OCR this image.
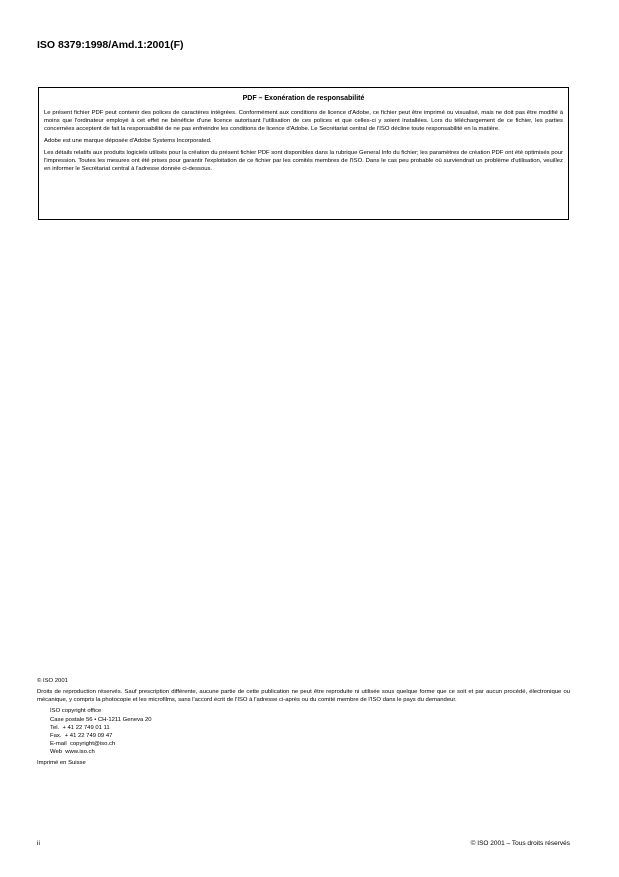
ISO 8379:1998/Amd.1:2001(F)

PDF – Exonération de responsabilité

Le présent fichier PDF peut contenir des polices de caractères intégrées. Conformément aux conditions de licence d'Adobe, ce fichier peut être imprimé ou visualisé, mais ne doit pas être modifié à moins que l'ordinateur employé à cet effet ne bénéficie d'une licence autorisant l'utilisation de ces polices et que celles-ci y soient installées. Lors du téléchargement de ce fichier, les parties concernées acceptent de fait la responsabilité de ne pas enfreindre les conditions de licence d'Adobe. Le Secrétariat central de l'ISO décline toute responsabilité en la matière.

Adobe est une marque déposée d'Adobe Systems Incorporated.

Les détails relatifs aux produits logiciels utilisés pour la création du présent fichier PDF sont disponibles dans la rubrique General Info du fichier; les paramètres de création PDF ont été optimisés pour l'impression. Toutes les mesures ont été prises pour garantir l'exploitation de ce fichier par les comités membres de l'ISO. Dans le cas peu probable où surviendrait un problème d'utilisation, veuillez en informer le Secrétariat central à l'adresse donnée ci-dessous.

© ISO 2001

Droits de reproduction réservés. Sauf prescription différente, aucune partie de cette publication ne peut être reproduite ni utilisée sous quelque forme que ce soit et par aucun procédé, électronique ou mécanique, y compris la photocopie et les microfilms, sans l'accord écrit de l'ISO à l'adresse ci-après ou du comité membre de l'ISO dans le pays du demandeur.

ISO copyright office
Case postale 56 • CH-1211 Geneva 20
Tel.  + 41 22 749 01 11
Fax.  + 41 22 749 09 47
E-mail  copyright@iso.ch
Web  www.iso.ch

Imprimé en Suisse

ii	© ISO 2001 – Tous droits réservés
